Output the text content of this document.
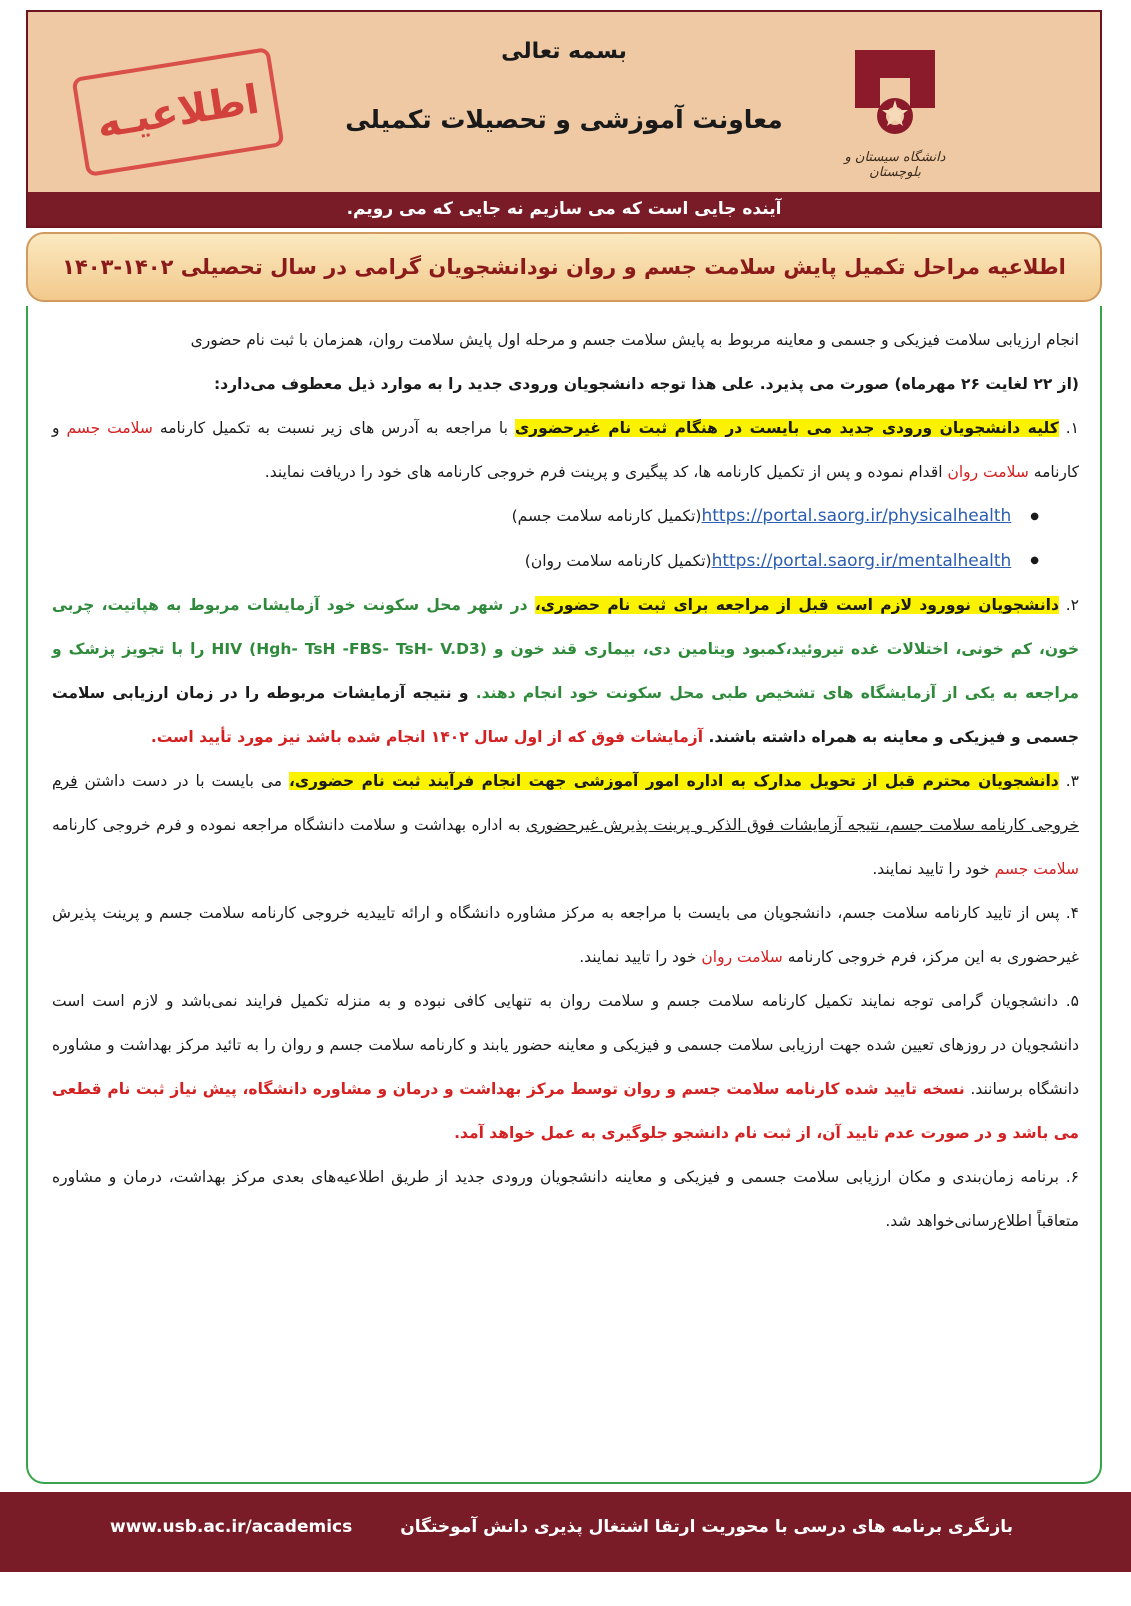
بسمه تعالی
معاونت آموزشی و تحصیلات تکمیلی
اطلاعیـه
دانشگاه سیستان و بلوچستان
آینده جایی است که می سازیم نه جایی که می رویم.
اطلاعیه مراحل تکمیل پایش سلامت جسم و روان نودانشجویان گرامی در سال تحصیلی ۱۴۰۲-۱۴۰۳

انجام ارزیابی سلامت فیزیکی و جسمی و معاینه مربوط به پایش سلامت جسم و مرحله اول پایش سلامت روان، همزمان با ثبت نام حضوری

(از ۲۲ لغایت ۲۶ مهرماه) صورت می پذیرد. علی هذا توجه دانشجویان ورودی جدید را به موارد ذیل معطوف می‌دارد:

۱. کلیه دانشجویان ورودی جدید می بایست در هنگام ثبت نام غیرحضوری با مراجعه به آدرس های زیر نسبت به تکمیل کارنامه سلامت جسم و کارنامه سلامت روان اقدام نموده و پس از تکمیل کارنامه ها، کد پیگیری و پرینت فرم خروجی کارنامه های خود را دریافت نمایند.

● https://portal.saorg.ir/physicalhealth(تکمیل کارنامه سلامت جسم)

● https://portal.saorg.ir/mentalhealth(تکمیل کارنامه سلامت روان)

۲. دانشجویان نوورود لازم است قبل از مراجعه برای ثبت نام حضوری، در شهر محل سکونت خود آزمایشات مربوط به هپاتیت، چربی خون، کم خونی، اختلالات غده تیروئید،کمبود ویتامین دی، بیماری قند خون و HIV (Hgh- TsH -FBS- TsH- V.D3) را با تجویز پزشک و مراجعه به یکی از آزمایشگاه های تشخیص طبی محل سکونت خود انجام دهند. و نتیجه آزمایشات مربوطه را در زمان ارزیابی سلامت جسمی و فیزیکی و معاینه به همراه داشته باشند. آزمایشات فوق که از اول سال ۱۴۰۲ انجام شده باشد نیز مورد تأیید است.

۳. دانشجویان محترم قبل از تحویل مدارک به اداره امور آموزشی جهت انجام فرآیند ثبت نام حضوری، می بایست با در دست داشتن فرم خروجی کارنامه سلامت جسم، نتیجه آزمایشات فوق الذکر و پرینت پذیرش غیرحضوری به اداره بهداشت و سلامت دانشگاه مراجعه نموده و فرم خروجی کارنامه سلامت جسم خود را تایید نمایند.

۴. پس از تایید کارنامه سلامت جسم، دانشجویان می بایست با مراجعه به مرکز مشاوره دانشگاه و ارائه تاییدیه خروجی کارنامه سلامت جسم و پرینت پذیرش غیرحضوری به این مرکز، فرم خروجی کارنامه سلامت روان خود را تایید نمایند.

۵. دانشجویان گرامی توجه نمایند تکمیل کارنامه سلامت جسم و سلامت روان به تنهایی کافی نبوده و به منزله تکمیل فرایند نمی‌باشد و لازم است است دانشجویان در روزهای تعیین شده جهت ارزیابی سلامت جسمی و فیزیکی و معاینه حضور یابند و کارنامه سلامت جسم و روان را به تائید مرکز بهداشت و مشاوره دانشگاه برسانند. نسخه تایید شده کارنامه سلامت جسم و روان توسط مرکز بهداشت و درمان و مشاوره دانشگاه، پیش نیاز ثبت نام قطعی می باشد و در صورت عدم تایید آن، از ثبت نام دانشجو جلوگیری به عمل خواهد آمد.

۶. برنامه زمان‌بندی و مکان ارزیابی سلامت جسمی و فیزیکی و معاینه دانشجویان ورودی جدید از طریق اطلاعیه‌های بعدی مرکز بهداشت، درمان و مشاوره متعاقباً اطلاع‌رسانی‌خواهد شد.

بازنگری برنامه های درسی با محوریت ارتقا اشتغال پذیری دانش آموختگان
www.usb.ac.ir/academics
